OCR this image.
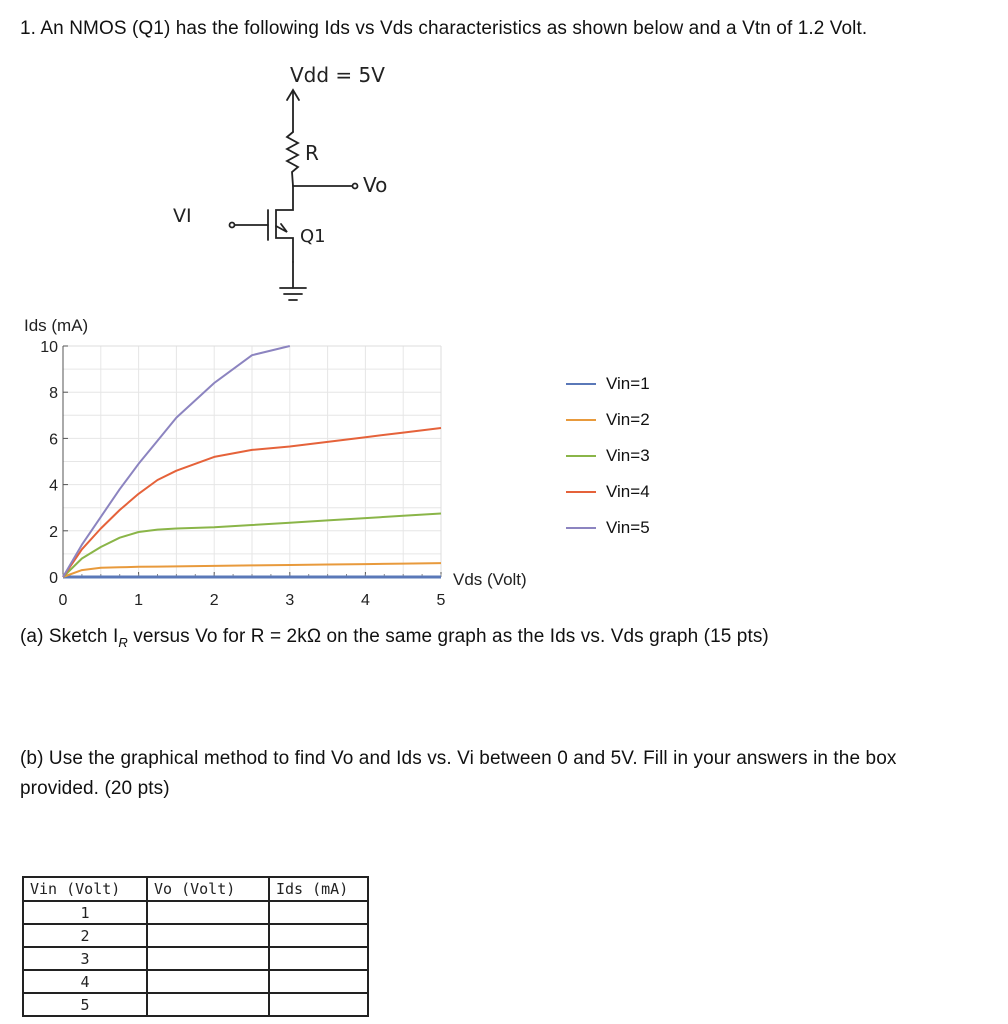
1. An NMOS (Q1) has the following Ids vs Vds characteristics as shown below and a Vtn of 1.2 Volt.
Vdd = 5V
R
Vo
VI
Q1
0	1	2	3	4	5
0
2
4
6
8
10
Ids (mA)
Vds (Volt)
Vin=1
Vin=2
Vin=3
Vin=4
Vin=5
(a) Sketch $I_R$ versus Vo for R = 2kΩ on the same graph as the Ids vs. Vds graph (15 pts)
(b) Use the graphical method to find Vo and Ids vs. Vi between 0 and 5V. Fill in your answers in the box
provided. (20 pts)
Vin (Volt)	Vo (Volt)	Ids (mA)
1		
2		
3		
4		
5		
